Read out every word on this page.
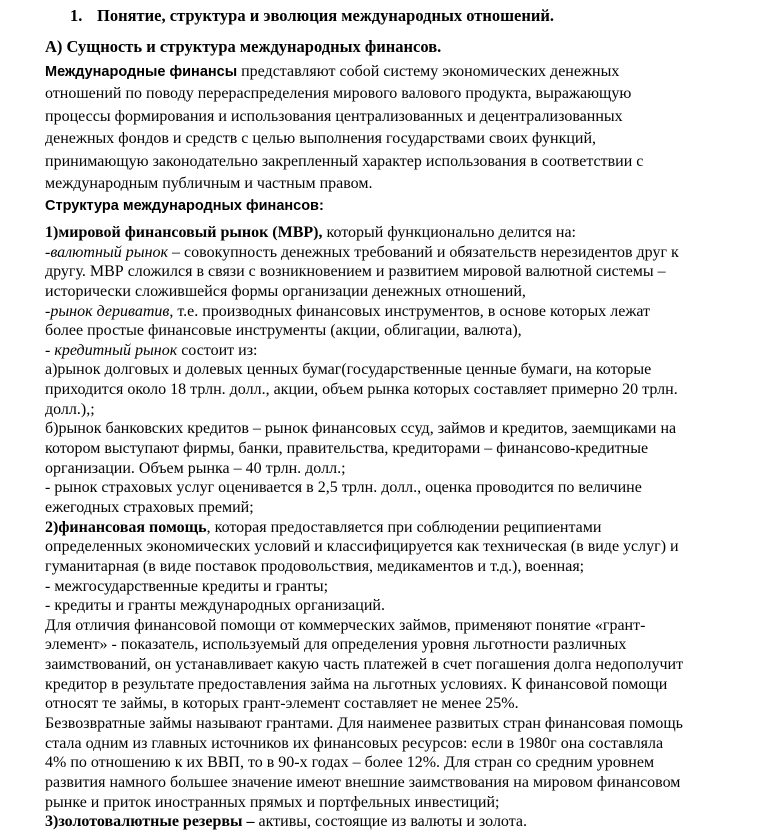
1. Понятие, структура и эволюция международных отношений.
А) Сущность и структура международных финансов.
Международные финансы представляют собой систему экономических денежных
отношений по поводу перераспределения мирового валового продукта, выражающую
процессы формирования и использования централизованных и децентрализованных
денежных фондов и средств с целью выполнения государствами своих функций,
принимающую законодательно закрепленный характер использования в соответствии с
международным публичным и частным правом.
Структура международных финансов:
1)мировой финансовый рынок (МВР), который функционально делится на:
-валютный рынок – совокупность денежных требований и обязательств нерезидентов друг к
другу. МВР сложился в связи с возникновением и развитием мировой валютной системы –
исторически сложившейся формы организации денежных отношений,
-рынок дериватив, т.е. производных финансовых инструментов, в основе которых лежат
более простые финансовые инструменты (акции, облигации, валюта),
- кредитный рынок состоит из:
а)рынок долговых и долевых ценных бумаг(государственные ценные бумаги, на которые
приходится около 18 трлн. долл., акции, объем рынка которых составляет примерно 20 трлн.
долл.),;
б)рынок банковских кредитов – рынок финансовых ссуд, займов и кредитов, заемщиками на
котором выступают фирмы, банки, правительства, кредиторами – финансово-кредитные
организации. Объем рынка – 40 трлн. долл.;
- рынок страховых услуг оценивается в 2,5 трлн. долл., оценка проводится по величине
ежегодных страховых премий;
2)финансовая помощь, которая предоставляется при соблюдении реципиентами
определенных экономических условий и классифицируется как техническая (в виде услуг) и
гуманитарная (в виде поставок продовольствия, медикаментов и т.д.), военная;
- межгосударственные кредиты и гранты;
- кредиты и гранты международных организаций.
Для отличия финансовой помощи от коммерческих займов, применяют понятие «грант-
элемент» - показатель, используемый для определения уровня льготности различных
заимствований, он устанавливает какую часть платежей в счет погашения долга недополучит
кредитор в результате предоставления займа на льготных условиях. К финансовой помощи
относят те займы, в которых грант-элемент составляет не менее 25%.
Безвозвратные займы называют грантами. Для наименее развитых стран финансовая помощь
стала одним из главных источников их финансовых ресурсов: если в 1980г она составляла
4% по отношению к их ВВП, то в 90-х годах – более 12%. Для стран со средним уровнем
развития намного большее значение имеют внешние заимствования на мировом финансовом
рынке и приток иностранных прямых и портфельных инвестиций;
3)золотовалютные резервы – активы, состоящие из валюты и золота.
